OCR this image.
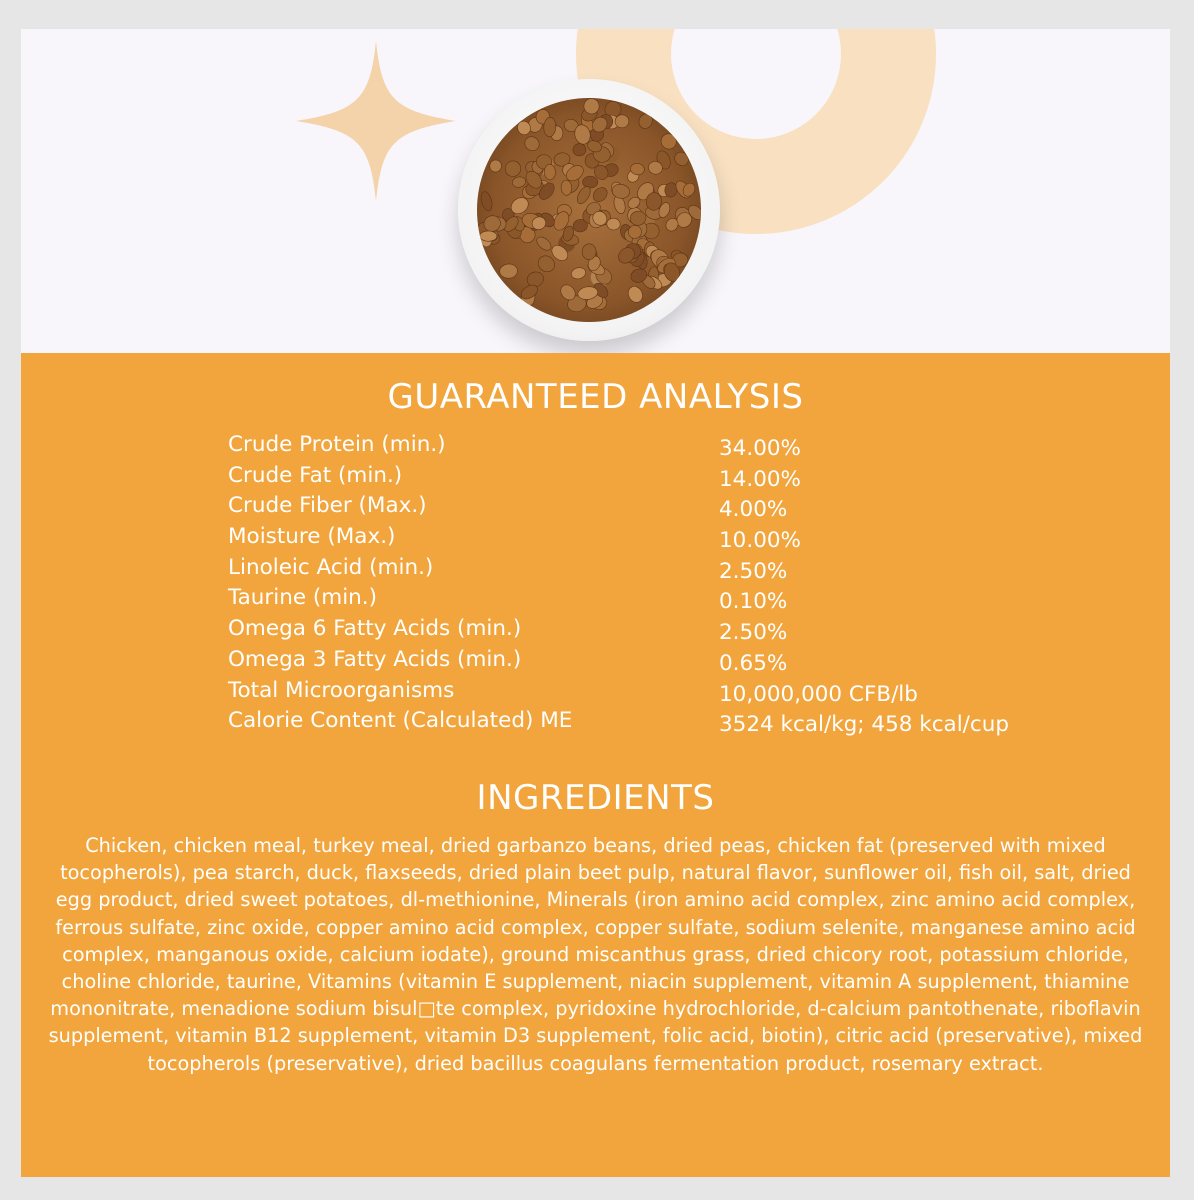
GUARANTEED ANALYSIS
Crude Protein (min.)	34.00%
Crude Fat (min.)	14.00%
Crude Fiber (Max.)	4.00%
Moisture (Max.)	10.00%
Linoleic Acid (min.)	2.50%
Taurine (min.)	0.10%
Omega 6 Fatty Acids (min.)	2.50%
Omega 3 Fatty Acids (min.)	0.65%
Total Microorganisms	10,000,000 CFB/lb
Calorie Content (Calculated) ME	3524 kcal/kg; 458 kcal/cup
INGREDIENTS
Chicken, chicken meal, turkey meal, dried garbanzo beans, dried peas, chicken fat (preserved with mixed tocopherols), pea starch, duck, flaxseeds, dried plain beet pulp, natural flavor, sunflower oil, fish oil, salt, dried egg product, dried sweet potatoes, dl-methionine, Minerals (iron amino acid complex, zinc amino acid complex, ferrous sulfate, zinc oxide, copper amino acid complex, copper sulfate, sodium selenite, manganese amino acid complex, manganous oxide, calcium iodate), ground miscanthus grass, dried chicory root, potassium chloride, choline chloride, taurine, Vitamins (vitamin E supplement, niacin supplement, vitamin A supplement, thiamine mononitrate, menadione sodium bisul□te complex, pyridoxine hydrochloride, d-calcium pantothenate, riboflavin supplement, vitamin B12 supplement, vitamin D3 supplement, folic acid, biotin), citric acid (preservative), mixed tocopherols (preservative), dried bacillus coagulans fermentation product, rosemary extract.
